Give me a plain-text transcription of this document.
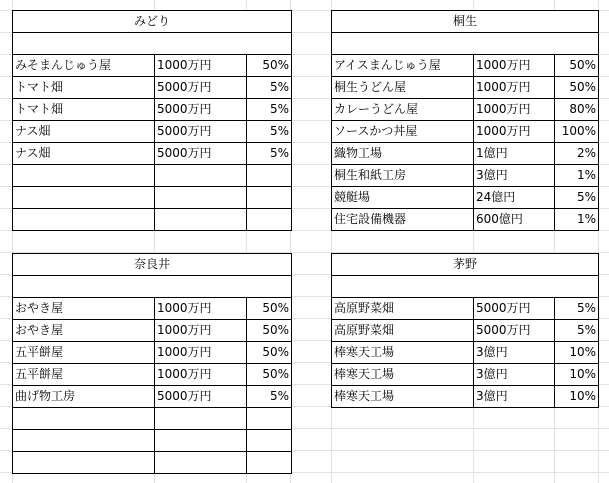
みどり
みそまんじゅう屋	1000万円	50%
トマト畑	5000万円	5%
トマト畑	5000万円	5%
ナス畑	5000万円	5%
ナス畑	5000万円	5%
桐生
アイスまんじゅう屋	1000万円	50%
桐生うどん屋	1000万円	50%
カレーうどん屋	1000万円	80%
ソースかつ丼屋	1000万円	100%
織物工場	1億円	2%
桐生和紙工房	3億円	1%
競艇場	24億円	5%
住宅設備機器	600億円	1%
奈良井
おやき屋	1000万円	50%
おやき屋	1000万円	50%
五平餅屋	1000万円	50%
五平餅屋	1000万円	50%
曲げ物工房	5000万円	5%
茅野
高原野菜畑	5000万円	5%
高原野菜畑	5000万円	5%
棒寒天工場	3億円	10%
棒寒天工場	3億円	10%
棒寒天工場	3億円	10%
